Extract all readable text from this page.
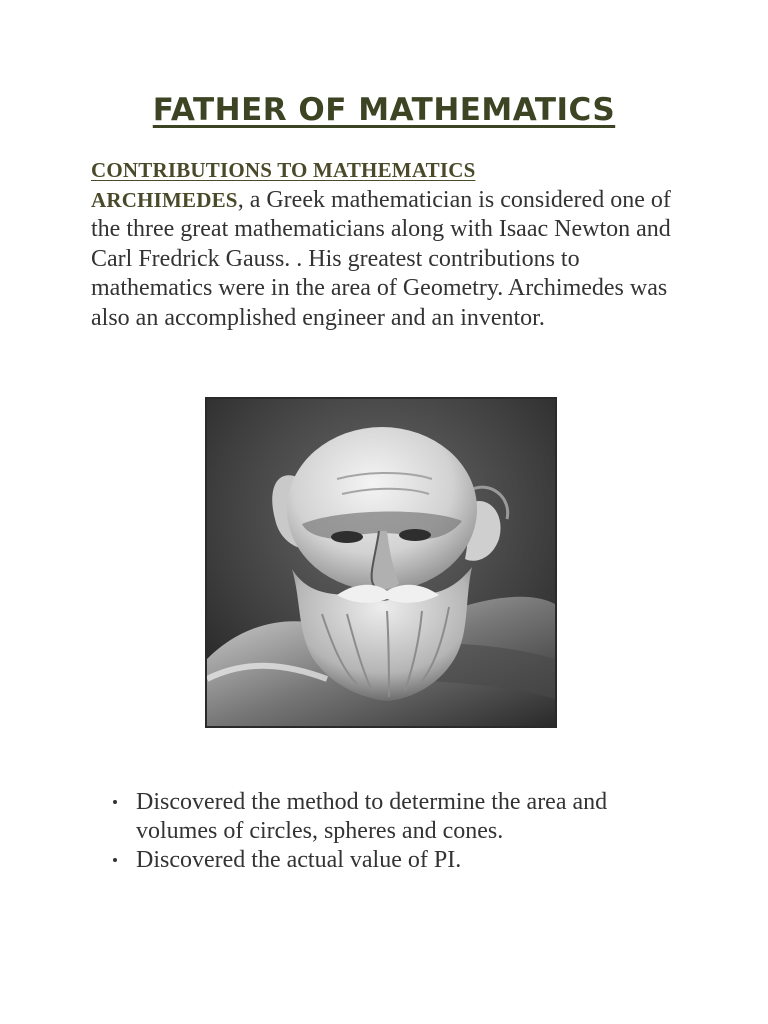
FATHER OF MATHEMATICS
CONTRIBUTIONS TO MATHEMATICS
ARCHIMEDES, a Greek mathematician is considered one of the three great mathematicians along with Isaac Newton and Carl Fredrick Gauss. . His greatest contributions to mathematics were in the area of Geometry. Archimedes was also an accomplished engineer and an inventor.
Discovered the method to determine the area and volumes of circles, spheres and cones.
Discovered the actual value of PI.
